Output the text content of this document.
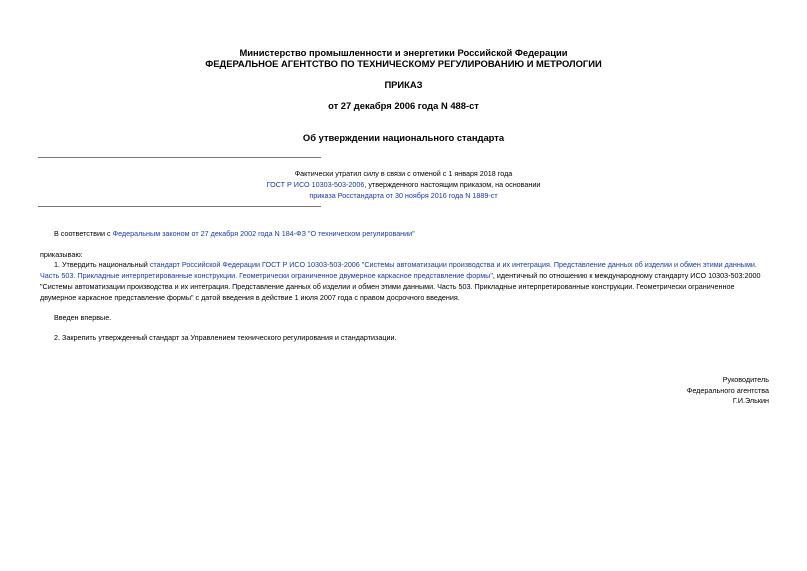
Министерство промышленности и энергетики Российской Федерации
ФЕДЕРАЛЬНОЕ АГЕНТСТВО ПО ТЕХНИЧЕСКОМУ РЕГУЛИРОВАНИЮ И МЕТРОЛОГИИ
ПРИКАЗ
от 27 декабря 2006 года N 488-ст
Об утверждении национального стандарта
Фактически утратил силу в связи с отменой с 1 января 2018 года
ГОСТ Р ИСО 10303-503-2006, утвержденного настоящим приказом, на основании
приказа Росстандарта от 30 ноября 2016 года N 1889-ст
В соответствии с Федеральным законом от 27 декабря 2002 года N 184-ФЗ "О техническом регулировании"
приказываю:
1. Утвердить национальный стандарт Российской Федерации ГОСТ Р ИСО 10303-503-2006 "Системы автоматизации производства и их интеграция. Представление данных об изделии и обмен этими данными. Часть 503. Прикладные интерпретированные конструкции. Геометрически ограниченное двумерное каркасное представление формы", идентичный по отношению к международному стандарту ИСО 10303-503:2000 "Системы автоматизации производства и их интеграция. Представление данных об изделии и обмен этими данными. Часть 503. Прикладные интерпретированные конструкции. Геометрически ограниченное двумерное каркасное представление формы" с датой введения в действие 1 июля 2007 года с правом досрочного введения.
Введен впервые.
2. Закрепить утвержденный стандарт за Управлением технического регулирования и стандартизации.
Руководитель
Федерального агентства
Г.И.Элькин
